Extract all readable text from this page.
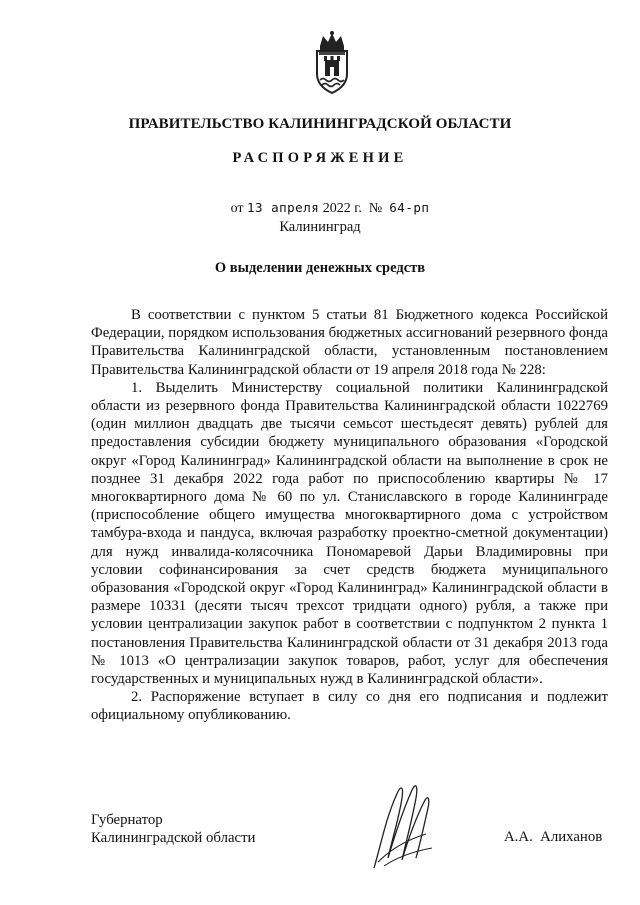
ПРАВИТЕЛЬСТВО КАЛИНИНГРАДСКОЙ ОБЛАСТИ
РАСПОРЯЖЕНИЕ
от 13 апреля 2022 г. № 64-рп
Калининград
О выделении денежных средств

В соответствии с пунктом 5 статьи 81 Бюджетного кодекса Российской Федерации, порядком использования бюджетных ассигнований резервного фонда Правительства Калининградской области, установленным постановлением Правительства Калининградской области от 19 апреля 2018 года № 228:

1. Выделить Министерству социальной политики Калининградской области из резервного фонда Правительства Калининградской области 1022769 (один миллион двадцать две тысячи семьсот шестьдесят девять) рублей для предоставления субсидии бюджету муниципального образования «Городской округ «Город Калининград» Калининградской области на выполнение в срок не позднее 31 декабря 2022 года работ по приспособлению квартиры № 17 многоквартирного дома № 60 по ул. Станиславского в городе Калининграде (приспособление общего имущества многоквартирного дома с устройством тамбура-входа и пандуса, включая разработку проектно-сметной документации) для нужд инвалида-колясочника Пономаревой Дарьи Владимировны при условии софинансирования за счет средств бюджета муниципального образования «Городской округ «Город Калининград» Калининградской области в размере 10331 (десяти тысяч трехсот тридцати одного) рубля, а также при условии централизации закупок работ в соответствии с подпунктом 2 пункта 1 постановления Правительства Калининградской области от 31 декабря 2013 года № 1013 «О централизации закупок товаров, работ, услуг для обеспечения государственных и муниципальных нужд в Калининградской области».

2. Распоряжение вступает в силу со дня его подписания и подлежит официальному опубликованию.

Губернатор
Калининградской области	А.А.  Алиханов
